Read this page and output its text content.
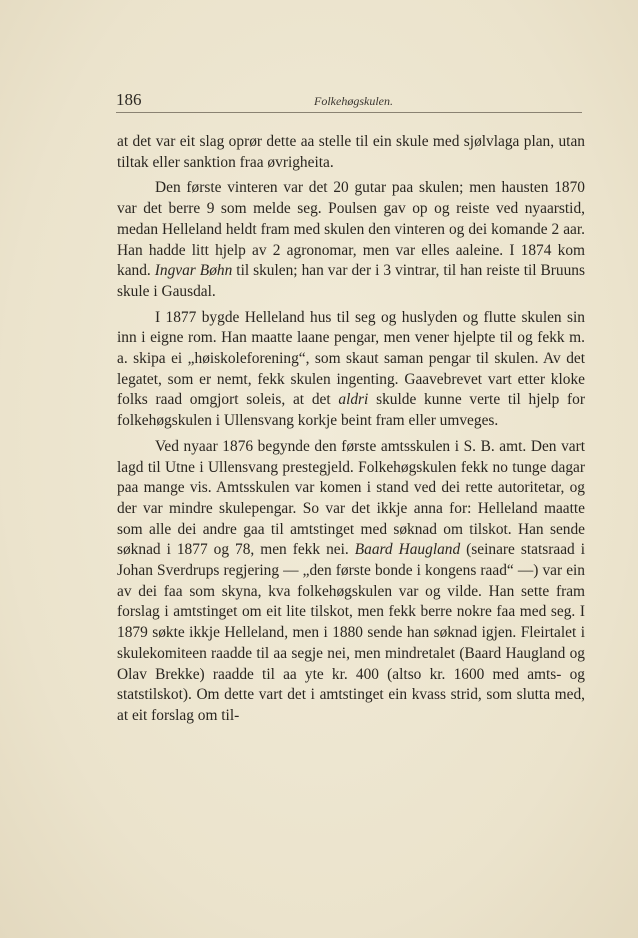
186	Folkehøgskulen.

at det var eit slag oprør dette aa stelle til ein skule med sjølvlaga plan, utan tiltak eller sanktion fraa øvrigheita.

Den første vinteren var det 20 gutar paa skulen; men hausten 1870 var det berre 9 som melde seg. Poulsen gav op og reiste ved nyaarstid, medan Helleland heldt fram med skulen den vinteren og dei komande 2 aar. Han hadde litt hjelp av 2 agronomar, men var elles aaleine. I 1874 kom kand. Ingvar Bøhn til skulen; han var der i 3 vintrar, til han reiste til Bruuns skule i Gausdal.

I 1877 bygde Helleland hus til seg og huslyden og flutte skulen sin inn i eigne rom. Han maatte laane pengar, men vener hjelpte til og fekk m. a. skipa ei „høiskoleforening“, som skaut saman pengar til skulen. Av det legatet, som er nemt, fekk skulen ingenting. Gaavebrevet vart etter kloke folks raad omgjort soleis, at det aldri skulde kunne verte til hjelp for folkehøgskulen i Ullensvang korkje beint fram eller umveges.

Ved nyaar 1876 begynde den første amtsskulen i S. B. amt. Den vart lagd til Utne i Ullensvang prestegjeld. Folkehøgskulen fekk no tunge dagar paa mange vis. Amtsskulen var komen i stand ved dei rette autoritetar, og der var mindre skulepengar. So var det ikkje anna for: Helleland maatte som alle dei andre gaa til amtstinget med søknad om tilskot. Han sende søknad i 1877 og 78, men fekk nei. Baard Haugland (seinare statsraad i Johan Sverdrups regjering — „den første bonde i kongens raad“ —) var ein av dei faa som skyna, kva folkehøgskulen var og vilde. Han sette fram forslag i amtstinget om eit lite tilskot, men fekk berre nokre faa med seg. I 1879 søkte ikkje Helleland, men i 1880 sende han søknad igjen. Fleirtalet i skulekomiteen raadde til aa segje nei, men mindretalet (Baard Haugland og Olav Brekke) raadde til aa yte kr. 400 (altso kr. 1600 med amts- og statstilskot). Om dette vart det i amtstinget ein kvass strid, som slutta med, at eit forslag om til-
